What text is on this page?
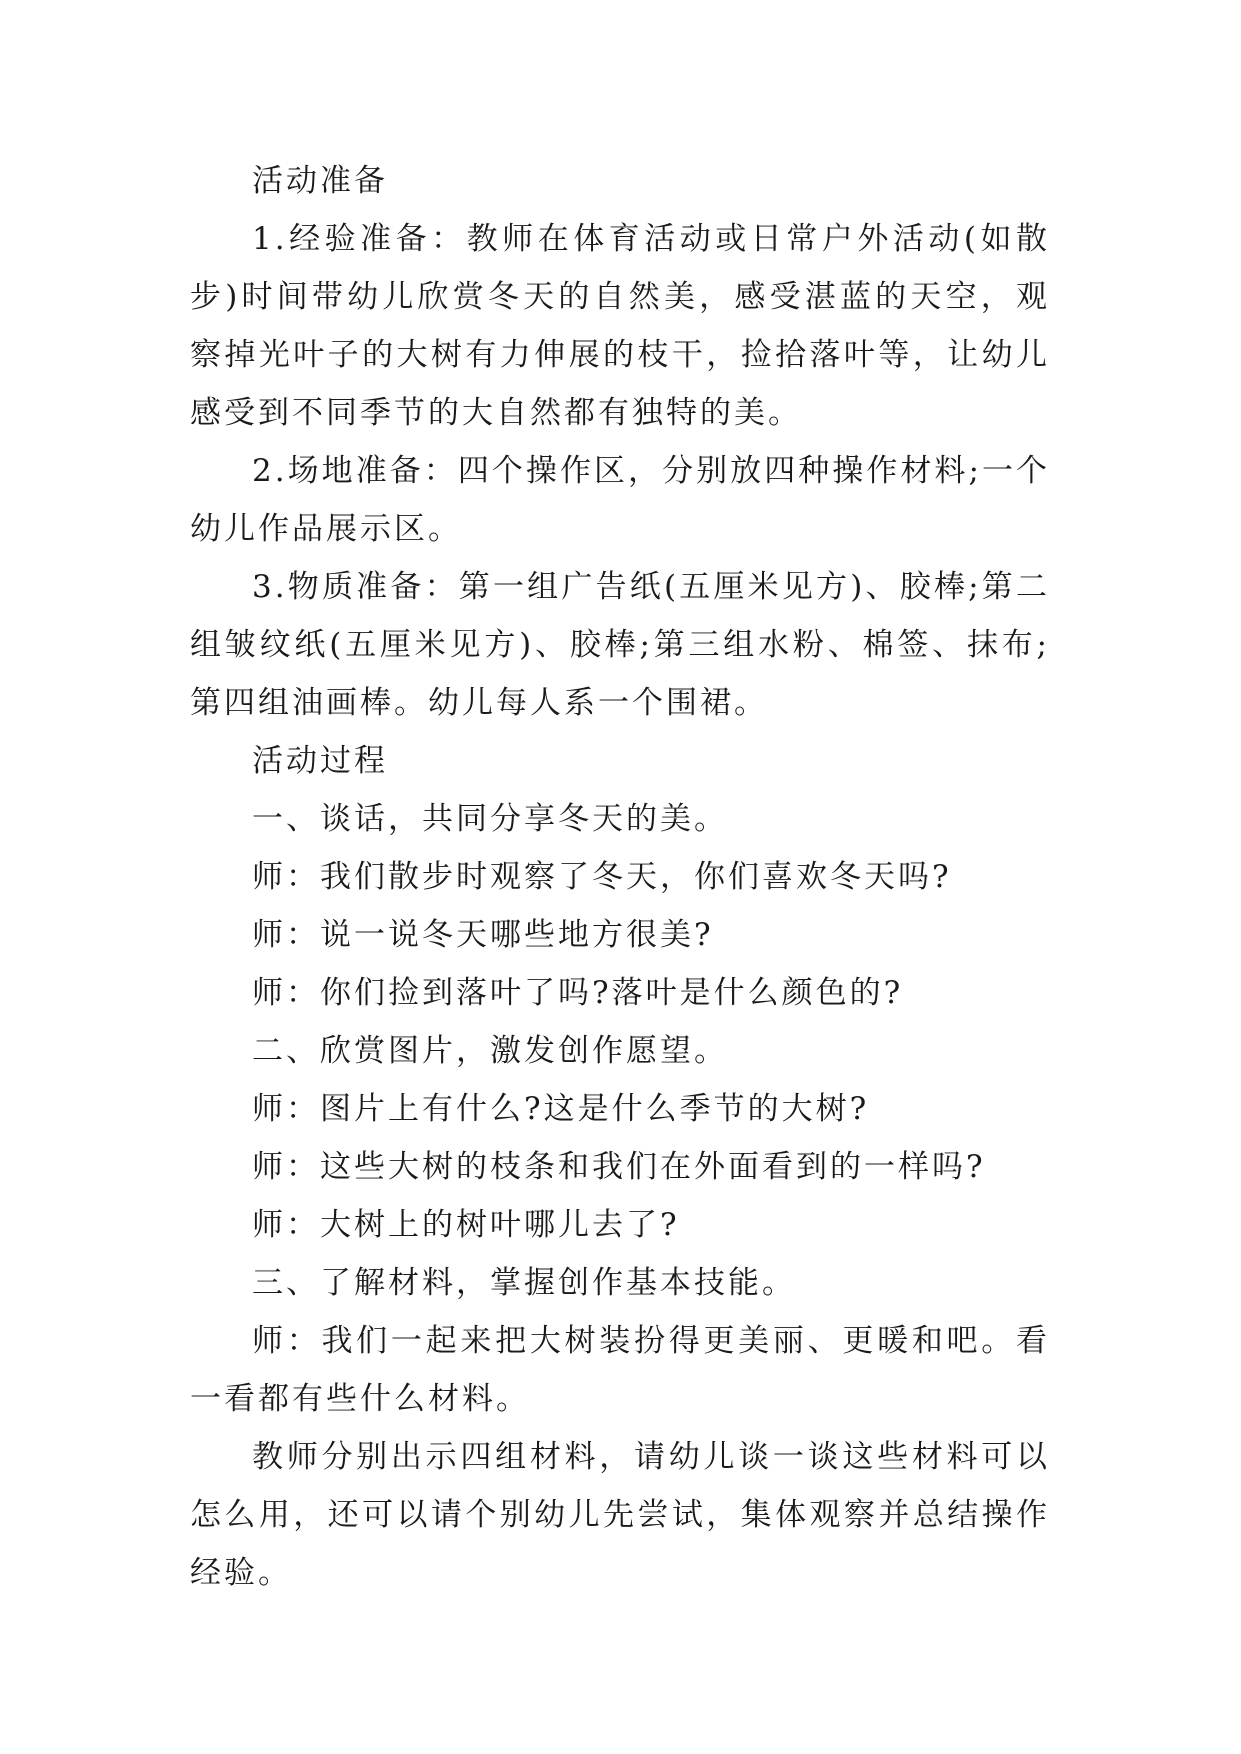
活动准备

1.经验准备：教师在体育活动或日常户外活动(如散步)时间带幼儿欣赏冬天的自然美，感受湛蓝的天空，观察掉光叶子的大树有力伸展的枝干，捡拾落叶等，让幼儿感受到不同季节的大自然都有独特的美。

2.场地准备：四个操作区，分别放四种操作材料;一个幼儿作品展示区。

3.物质准备：第一组广告纸(五厘米见方)、胶棒;第二组皱纹纸(五厘米见方)、胶棒;第三组水粉、棉签、抹布;第四组油画棒。幼儿每人系一个围裙。

活动过程

一、谈话，共同分享冬天的美。

师：我们散步时观察了冬天，你们喜欢冬天吗?

师：说一说冬天哪些地方很美?

师：你们捡到落叶了吗?落叶是什么颜色的?

二、欣赏图片，激发创作愿望。

师：图片上有什么?这是什么季节的大树?

师：这些大树的枝条和我们在外面看到的一样吗?

师：大树上的树叶哪儿去了?

三、了解材料，掌握创作基本技能。

师：我们一起来把大树装扮得更美丽、更暖和吧。看一看都有些什么材料。

教师分别出示四组材料，请幼儿谈一谈这些材料可以怎么用，还可以请个别幼儿先尝试，集体观察并总结操作经验。
